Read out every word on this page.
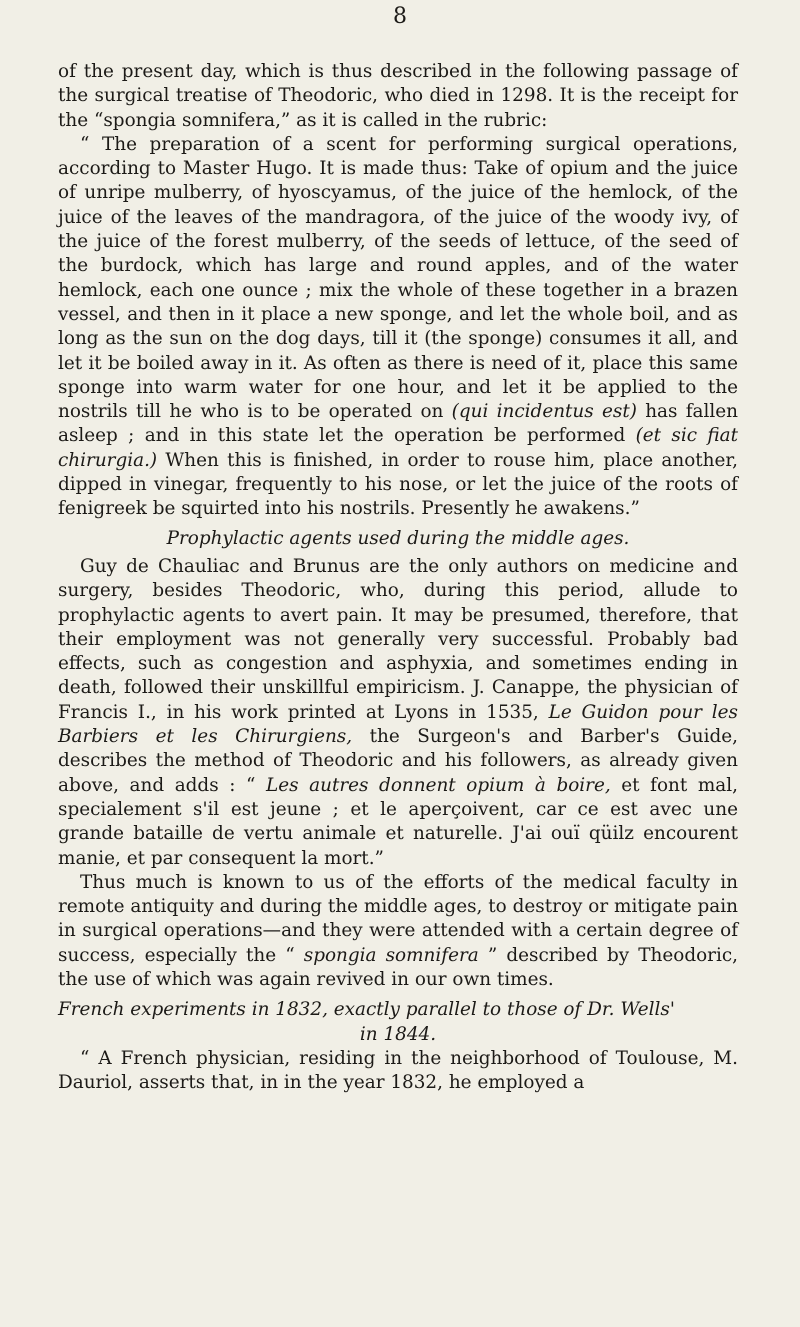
8

of the present day, which is thus described in the following passage of the surgical treatise of Theodoric, who died in 1298. It is the receipt for the “spongia somnifera,” as it is called in the rubric:

“ The preparation of a scent for performing surgical operations, according to Master Hugo. It is made thus: Take of opium and the juice of unripe mulberry, of hyoscyamus, of the juice of the hemlock, of the juice of the leaves of the mandragora, of the juice of the woody ivy, of the juice of the forest mulberry, of the seeds of lettuce, of the seed of the burdock, which has large and round apples, and of the water hemlock, each one ounce ; mix the whole of these together in a brazen vessel, and then in it place a new sponge, and let the whole boil, and as long as the sun on the dog days, till it (the sponge) consumes it all, and let it be boiled away in it. As often as there is need of it, place this same sponge into warm water for one hour, and let it be applied to the nostrils till he who is to be operated on (qui incidentus est) has fallen asleep ; and in this state let the operation be performed (et sic fiat chirurgia.) When this is finished, in order to rouse him, place another, dipped in vinegar, frequently to his nose, or let the juice of the roots of fenigreek be squirted into his nostrils. Presently he awakens.”

Prophylactic agents used during the middle ages.

Guy de Chauliac and Brunus are the only authors on medicine and surgery, besides Theodoric, who, during this period, allude to prophylactic agents to avert pain. It may be presumed, therefore, that their employment was not generally very successful. Probably bad effects, such as congestion and asphyxia, and sometimes ending in death, followed their unskillful empiricism. J. Canappe, the physician of Francis I., in his work printed at Lyons in 1535, Le Guidon pour les Barbiers et les Chirurgiens, the Surgeon's and Barber's Guide, describes the method of Theodoric and his followers, as already given above, and adds : “ Les autres donnent opium à boire, et font mal, specialement s'il est jeune ; et le aperçoivent, car ce est avec une grande bataille de vertu animale et naturelle. J'ai ouï qüilz encourent manie, et par consequent la mort.”

Thus much is known to us of the efforts of the medical faculty in remote antiquity and during the middle ages, to destroy or mitigate pain in surgical operations—and they were attended with a certain degree of success, especially the “ spongia somnifera ” described by Theodoric, the use of which was again revived in our own times.

French experiments in 1832, exactly parallel to those of Dr. Wells'

in 1844.

“ A French physician, residing in the neighborhood of Toulouse, M. Dauriol, asserts that, in in the year 1832, he employed a
